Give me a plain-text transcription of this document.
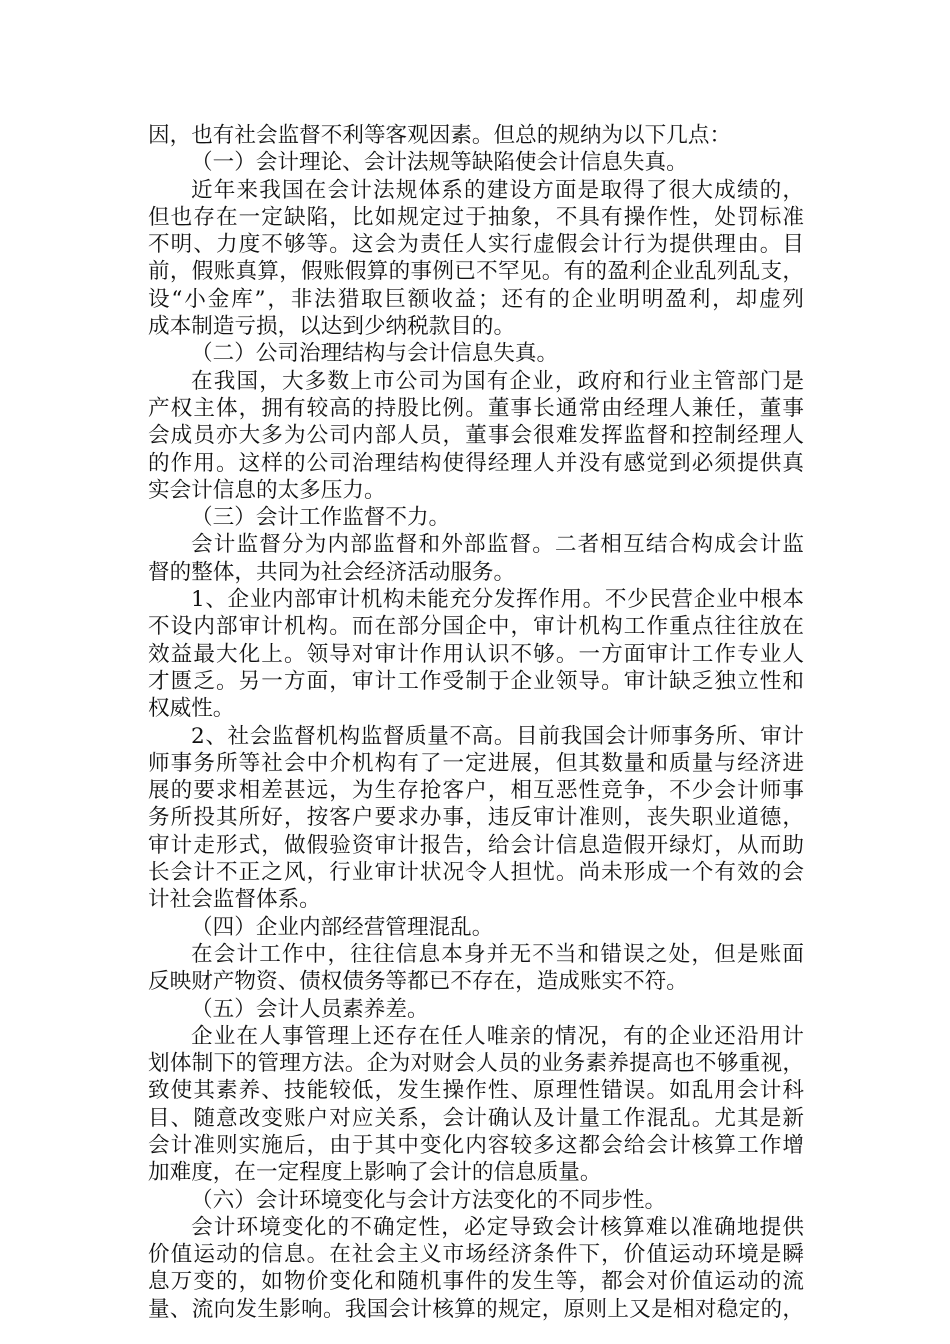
因，也有社会监督不利等客观因素。但总的规纳为以下几点：
（一）会计理论、会计法规等缺陷使会计信息失真。
近年来我国在会计法规体系的建设方面是取得了很大成绩的，
但也存在一定缺陷，比如规定过于抽象，不具有操作性，处罚标准
不明、力度不够等。这会为责任人实行虚假会计行为提供理由。目
前，假账真算，假账假算的事例已不罕见。有的盈利企业乱列乱支，
设“小金库”，非法猎取巨额收益；还有的企业明明盈利，却虚列
成本制造亏损，以达到少纳税款目的。
（二）公司治理结构与会计信息失真。
在我国，大多数上市公司为国有企业，政府和行业主管部门是
产权主体，拥有较高的持股比例。董事长通常由经理人兼任，董事
会成员亦大多为公司内部人员，董事会很难发挥监督和控制经理人
的作用。这样的公司治理结构使得经理人并没有感觉到必须提供真
实会计信息的太多压力。
（三）会计工作监督不力。
会计监督分为内部监督和外部监督。二者相互结合构成会计监
督的整体，共同为社会经济活动服务。
1、企业内部审计机构未能充分发挥作用。不少民营企业中根本
不设内部审计机构。而在部分国企中，审计机构工作重点往往放在
效益最大化上。领导对审计作用认识不够。一方面审计工作专业人
才匮乏。另一方面，审计工作受制于企业领导。审计缺乏独立性和
权威性。
2、社会监督机构监督质量不高。目前我国会计师事务所、审计
师事务所等社会中介机构有了一定进展，但其数量和质量与经济进
展的要求相差甚远，为生存抢客户，相互恶性竞争，不少会计师事
务所投其所好，按客户要求办事，违反审计准则，丧失职业道德，
审计走形式，做假验资审计报告，给会计信息造假开绿灯，从而助
长会计不正之风，行业审计状况令人担忧。尚未形成一个有效的会
计社会监督体系。
（四）企业内部经营管理混乱。
在会计工作中，往往信息本身并无不当和错误之处，但是账面
反映财产物资、债权债务等都已不存在，造成账实不符。
（五）会计人员素养差。
企业在人事管理上还存在任人唯亲的情况，有的企业还沿用计
划体制下的管理方法。企为对财会人员的业务素养提高也不够重视，
致使其素养、技能较低，发生操作性、原理性错误。如乱用会计科
目、随意改变账户对应关系，会计确认及计量工作混乱。尤其是新
会计准则实施后，由于其中变化内容较多这都会给会计核算工作增
加难度，在一定程度上影响了会计的信息质量。
（六）会计环境变化与会计方法变化的不同步性。
会计环境变化的不确定性，必定导致会计核算难以准确地提供
价值运动的信息。在社会主义市场经济条件下，价值运动环境是瞬
息万变的，如物价变化和随机事件的发生等，都会对价值运动的流
量、流向发生影响。我国会计核算的规定，原则上又是相对稳定的，
